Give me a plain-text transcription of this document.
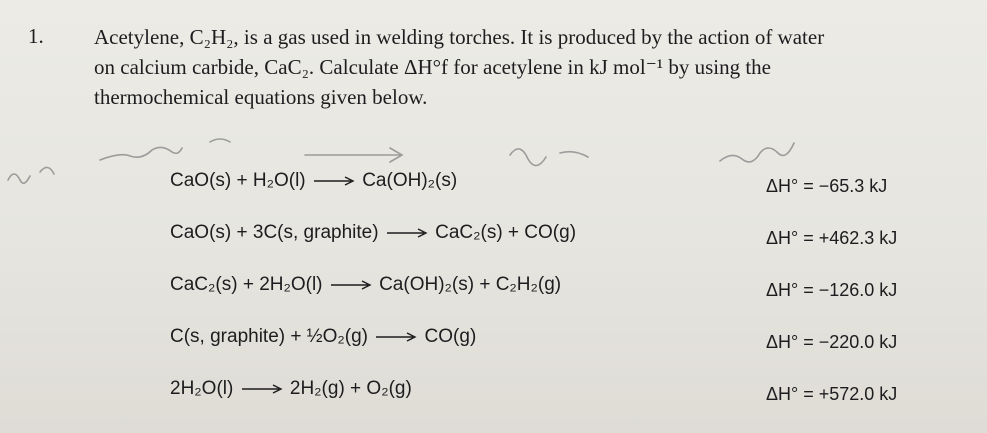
1. Acetylene, C₂H₂, is a gas used in welding torches. It is produced by the action of water

on calcium carbide, CaC₂. Calculate ΔH°f for acetylene in kJ mol⁻¹ by using the

thermochemical equations given below.

CaO(s) + H₂O(l) → Ca(OH)₂(s)	ΔH° = −65.3 kJ
CaO(s) + 3C(s, graphite) → CaC₂(s) + CO(g)	ΔH° = +462.3 kJ
CaC₂(s) + 2H₂O(l) → Ca(OH)₂(s) + C₂H₂(g)	ΔH° = −126.0 kJ
C(s, graphite) + ½O₂(g) → CO(g)	ΔH° = −220.0 kJ
2H₂O(l) → 2H₂(g) + O₂(g)	ΔH° = +572.0 kJ
